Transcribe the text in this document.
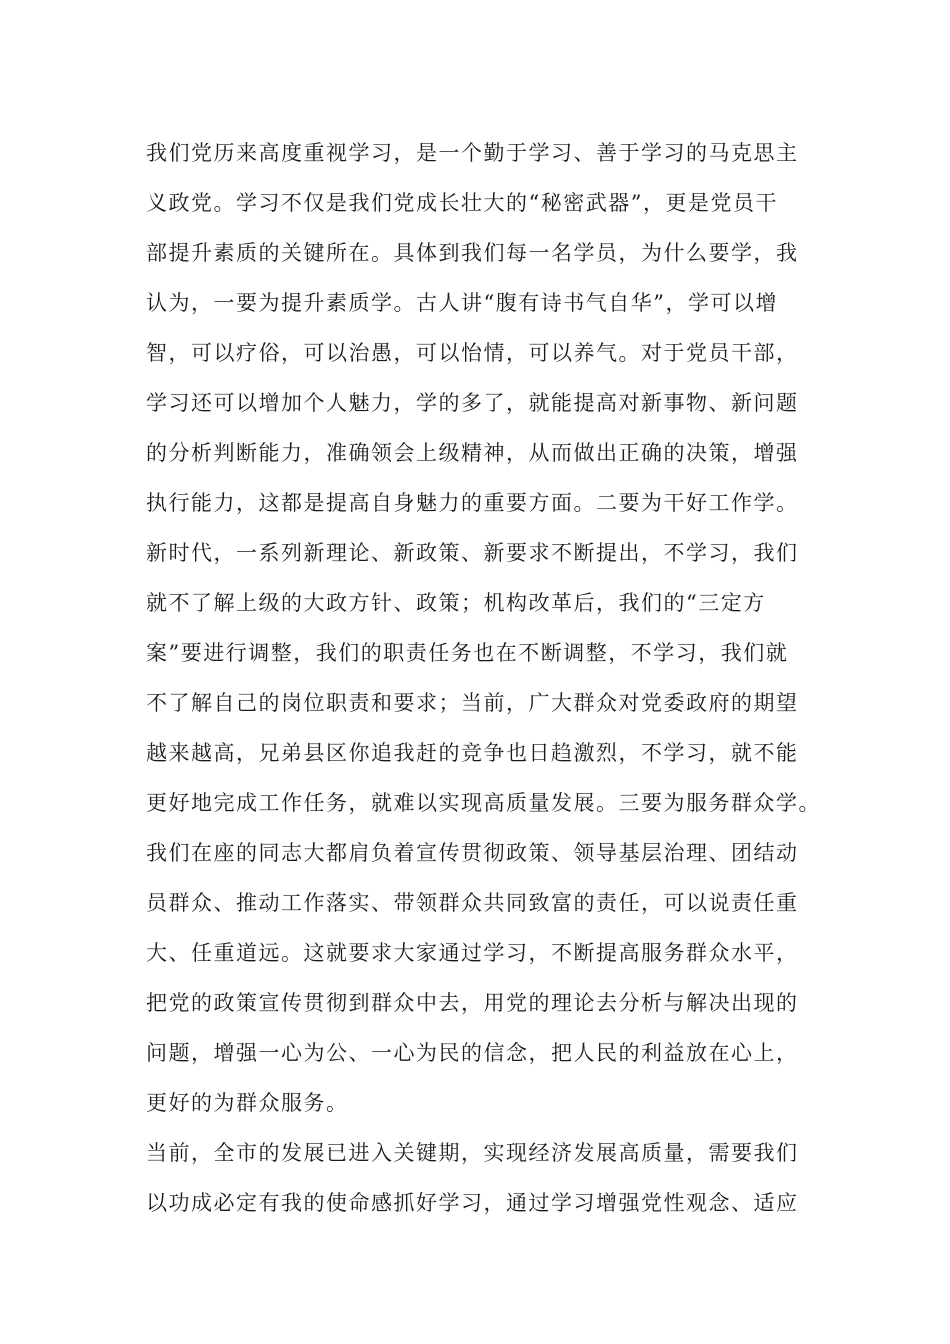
我们党历来高度重视学习，是一个勤于学习、善于学习的马克思主
义政党。学习不仅是我们党成长壮大的“秘密武器”，更是党员干
部提升素质的关键所在。具体到我们每一名学员，为什么要学，我
认为，一要为提升素质学。古人讲“腹有诗书气自华”，学可以增
智，可以疗俗，可以治愚，可以怡情，可以养气。对于党员干部，
学习还可以增加个人魅力，学的多了，就能提高对新事物、新问题
的分析判断能力，准确领会上级精神，从而做出正确的决策，增强
执行能力，这都是提高自身魅力的重要方面。二要为干好工作学。
新时代，一系列新理论、新政策、新要求不断提出，不学习，我们
就不了解上级的大政方针、政策；机构改革后，我们的“三定方
案”要进行调整，我们的职责任务也在不断调整，不学习，我们就
不了解自己的岗位职责和要求；当前，广大群众对党委政府的期望
越来越高，兄弟县区你追我赶的竞争也日趋激烈，不学习，就不能
更好地完成工作任务，就难以实现高质量发展。三要为服务群众学。
我们在座的同志大都肩负着宣传贯彻政策、领导基层治理、团结动
员群众、推动工作落实、带领群众共同致富的责任，可以说责任重
大、任重道远。这就要求大家通过学习，不断提高服务群众水平，
把党的政策宣传贯彻到群众中去，用党的理论去分析与解决出现的
问题，增强一心为公、一心为民的信念，把人民的利益放在心上，
更好的为群众服务。
当前，全市的发展已进入关键期，实现经济发展高质量，需要我们
以功成必定有我的使命感抓好学习，通过学习增强党性观念、适应
